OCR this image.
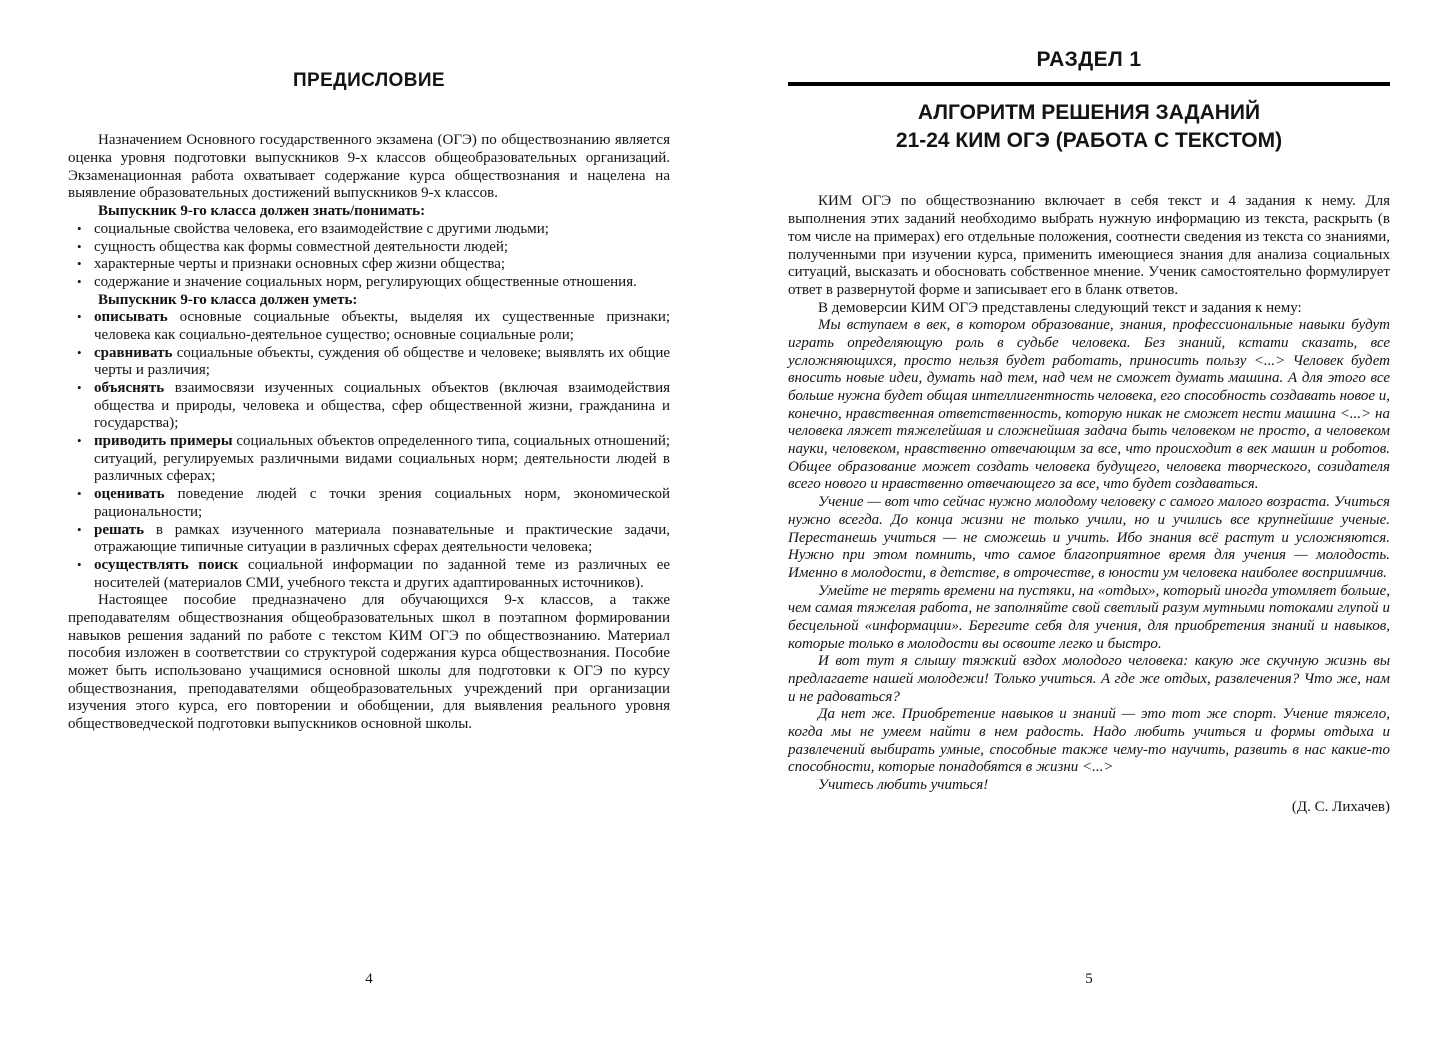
ПРЕДИСЛОВИЕ

Назначением Основного государственного экзамена (ОГЭ) по обществознанию является оценка уровня подготовки выпускников 9-х классов общеобразовательных организаций. Экзаменационная работа охватывает содержание курса обществознания и нацелена на выявление образовательных достижений выпускников 9-х классов.

Выпускник 9-го класса должен знать/понимать:

• социальные свойства человека, его взаимодействие с другими людьми;
• сущность общества как формы совместной деятельности людей;
• характерные черты и признаки основных сфер жизни общества;
• содержание и значение социальных норм, регулирующих общественные отношения.

Выпускник 9-го класса должен уметь:

• описывать основные социальные объекты, выделяя их существенные признаки; человека как социально-деятельное существо; основные социальные роли;
• сравнивать социальные объекты, суждения об обществе и человеке; выявлять их общие черты и различия;
• объяснять взаимосвязи изученных социальных объектов (включая взаимодействия общества и природы, человека и общества, сфер общественной жизни, гражданина и государства);
• приводить примеры социальных объектов определенного типа, социальных отношений; ситуаций, регулируемых различными видами социальных норм; деятельности людей в различных сферах;
• оценивать поведение людей с точки зрения социальных норм, экономической рациональности;
• решать в рамках изученного материала познавательные и практические задачи, отражающие типичные ситуации в различных сферах деятельности человека;
• осуществлять поиск социальной информации по заданной теме из различных ее носителей (материалов СМИ, учебного текста и других адаптированных источников).

Настоящее пособие предназначено для обучающихся 9-х классов, а также преподавателям обществознания общеобразовательных школ в поэтапном формировании навыков решения заданий по работе с текстом КИМ ОГЭ по обществознанию. Материал пособия изложен в соответствии со структурой содержания курса обществознания. Пособие может быть использовано учащимися основной школы для подготовки к ОГЭ по курсу обществознания, преподавателями общеобразовательных учреждений при организации изучения этого курса, его повторении и обобщении, для выявления реального уровня обществоведческой подготовки выпускников основной школы.

4
РАЗДЕЛ 1
АЛГОРИТМ РЕШЕНИЯ ЗАДАНИЙ
21-24 КИМ ОГЭ (РАБОТА С ТЕКСТОМ)

КИМ ОГЭ по обществознанию включает в себя текст и 4 задания к нему. Для выполнения этих заданий необходимо выбрать нужную информацию из текста, раскрыть (в том числе на примерах) его отдельные положения, соотнести сведения из текста со знаниями, полученными при изучении курса, применить имеющиеся знания для анализа социальных ситуаций, высказать и обосновать собственное мнение. Ученик самостоятельно формулирует ответ в развернутой форме и записывает его в бланк ответов.

В демоверсии КИМ ОГЭ представлены следующий текст и задания к нему:

Мы вступаем в век, в котором образование, знания, профессиональные навыки будут играть определяющую роль в судьбе человека. Без знаний, кстати сказать, все усложняющихся, просто нельзя будет работать, приносить пользу <...> Человек будет вносить новые идеи, думать над тем, над чем не сможет думать машина. А для этого все больше нужна будет общая интеллигентность человека, его способность создавать новое и, конечно, нравственная ответственность, которую никак не сможет нести машина <...> на человека ляжет тяжелейшая и сложнейшая задача быть человеком не просто, а человеком науки, человеком, нравственно отвечающим за все, что происходит в век машин и роботов. Общее образование может создать человека будущего, человека творческого, созидателя всего нового и нравственно отвечающего за все, что будет создаваться.

Учение — вот что сейчас нужно молодому человеку с самого малого возраста. Учиться нужно всегда. До конца жизни не только учили, но и учились все крупнейшие ученые. Перестанешь учиться — не сможешь и учить. Ибо знания всё растут и усложняются. Нужно при этом помнить, что самое благоприятное время для учения — молодость. Именно в молодости, в детстве, в отрочестве, в юности ум человека наиболее восприимчив.

Умейте не терять времени на пустяки, на «отдых», который иногда утомляет больше, чем самая тяжелая работа, не заполняйте свой светлый разум мутными потоками глупой и бесцельной «информации». Берегите себя для учения, для приобретения знаний и навыков, которые только в молодости вы освоите легко и быстро.

И вот тут я слышу тяжкий вздох молодого человека: какую же скучную жизнь вы предлагаете нашей молодежи! Только учиться. А где же отдых, развлечения? Что же, нам и не радоваться?

Да нет же. Приобретение навыков и знаний — это тот же спорт. Учение тяжело, когда мы не умеем найти в нем радость. Надо любить учиться и формы отдыха и развлечений выбирать умные, способные также чему-то научить, развить в нас какие-то способности, которые понадобятся в жизни <...>

Учитесь любить учиться!

(Д. С. Лихачев)
5
